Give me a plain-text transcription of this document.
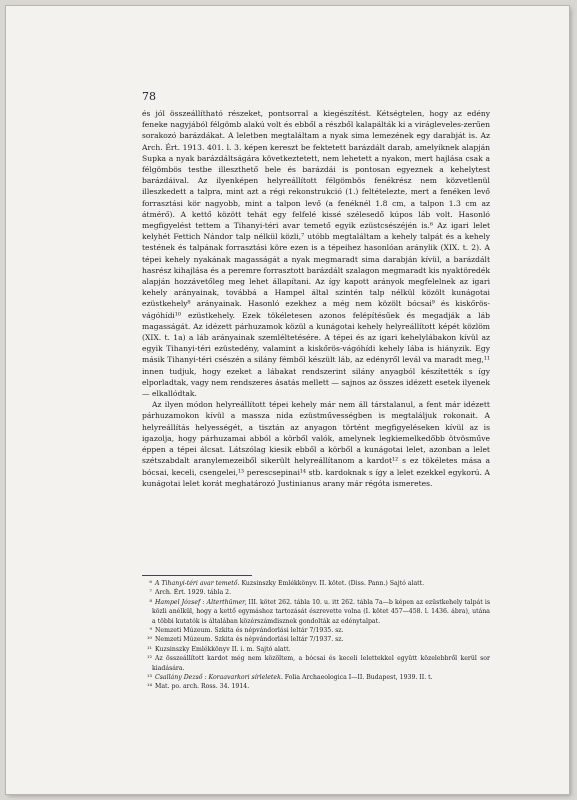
78

és jól összeállítható részeket, pontsorral a kiegészítést. Kétségtelen, hogy az edény feneke nagyjából félgömb alakú volt és ebből a részből kalapálták ki a virágleveles-zerűen sorakozó barázdákat. A leletben megtaláltam a nyak sima lemezének egy darabját is. Az Arch. Ért. 1913. 401. l. 3. képen kereszt be fektetett barázdált darab, amelyiknek alapján Supka a nyak barázdáltságára következtetett, nem lehetett a nyakon, mert hajlása csak a félgömbös testbe illeszthető bele és barázdái is pontosan egyeznek a kehelytest barázdáival. Az ilyenképen helyreállított félgömbös fenékrész nem közvetlenül illeszkedett a talpra, mint azt a régi rekonstrukció (1.) feltételezte, mert a fenéken levő forrasztási kör nagyobb, mint a talpon levő (a fenéknél 1.8 cm, a talpon 1.3 cm az átmérő). A kettő között tehát egy felfelé kissé szélesedő kúpos láb volt. Hasonló megfigyelést tettem a Tihanyi-téri avar temető egyik ezüstcsészéjén is.⁶ Az igari lelet kelyhét Fettich Nándor talp nélkül közli,⁷ utóbb megtaláltam a kehely talpát és a kehely testének és talpának forrasztási köre ezen is a tépeihez hasonlóan aránylik (XIX. t. 2). A tépei kehely nyakának magasságát a nyak megmaradt sima darabján kívül, a barázdált hasrész kihajlása és a peremre forrasztott barázdált szalagon megmaradt kis nyaktöredék alapján hozzávetőleg meg lehet állapítani. Az így kapott arányok megfelelnek az igari kehely arányainak, továbbá a Hampel által szintén talp nélkül közölt kunágotai ezüstkehely⁸ arányainak. Hasonló ezekhez a még nem közölt bócsai⁹ és kiskőrös-vágóhídi¹⁰ ezüstkehely. Ezek tökéletesen azonos felépítésűek és megadják a láb magasságát. Az idézett párhuzamok közül a kunágotai kehely helyreállított képét közlöm (XIX. t. 1a) a láb arányainak szemléltetésére. A tépei és az igari kehelylábakon kívül az egyik Tihanyi-téri ezüstedény, valamint a kiskőrös-vágóhídi kehely lába is hiányzik. Egy másik Tihanyi-téri csészén a silány fémből készült láb, az edényről levál va maradt meg,¹¹ innen tudjuk, hogy ezeket a lábakat rendszerint silány anyagból készítették s így elporladtak, vagy nem rendszeres ásatás mellett — sajnos az összes idézett esetek ilyenek — elkallódtak.

Az ilyen módon helyreállított tépei kehely már nem áll társtalanul, a fent már idézett párhuzamokon kívül a massza nida ezüstművességben is megtaláljuk rokonait. A helyreállítás helyességét, a tisztán az anyagon történt megfigyeléseken kívül az is igazolja, hogy párhuzamai abból a körből valók, amelynek legkiemelkedőbb ötvösműve éppen a tépei álcsat. Látszólag kiesik ebből a körből a kunágotai lelet, azonban a lelet szétszabdalt aranylemezeiből sikerült helyreállítanom a kardot¹² s ez tökéletes mása a bócsai, keceli, csengelei,¹³ perescsepinai¹⁴ stb. kardoknak s így a lelet ezekkel egykorú. A kunágotai lelet korát meghatározó Justinianus arany már régóta ismeretes.

⁶ A Tihanyi-téri avar temető. Kuzsinszky Emlékkönyv. II. kötet. (Diss. Pann.) Sajtó alatt.

⁷ Arch. Ért. 1929. tábla 2.

⁸ Hampel József : Alterthümer, III. kötet 262. tábla 10. u. itt 262. tábla 7a—b képen az ezüstkehely talpát is közli anélkül, hogy a kettő egymáshoz tartozását észrevette volna (I. kötet 457—458. l. 1436. ábra), utána a többi kutatók is általában közérszámdisznek gondolták az edénytalpat.

⁹ Nemzeti Múzeum. Szkita és népvándorlási leltár 7/1935. sz.

¹⁰ Nemzeti Múzeum. Szkita és népvándorlási leltár 7/1937. sz.

¹¹ Kuzsinszky Emlékkönyv II. i. m. Sajtó alatt.

¹² Az összeállított kardot még nem közöltem, a bócsai és keceli lelettekkel együtt közelebbről kerül sor kiadására.

¹³ Csallány Dezső : Koraavarkori sírleletek. Folia Archaeologica I—II. Budapest, 1939. II. t.

¹⁴ Mat. po. arch. Ross. 34. 1914.
